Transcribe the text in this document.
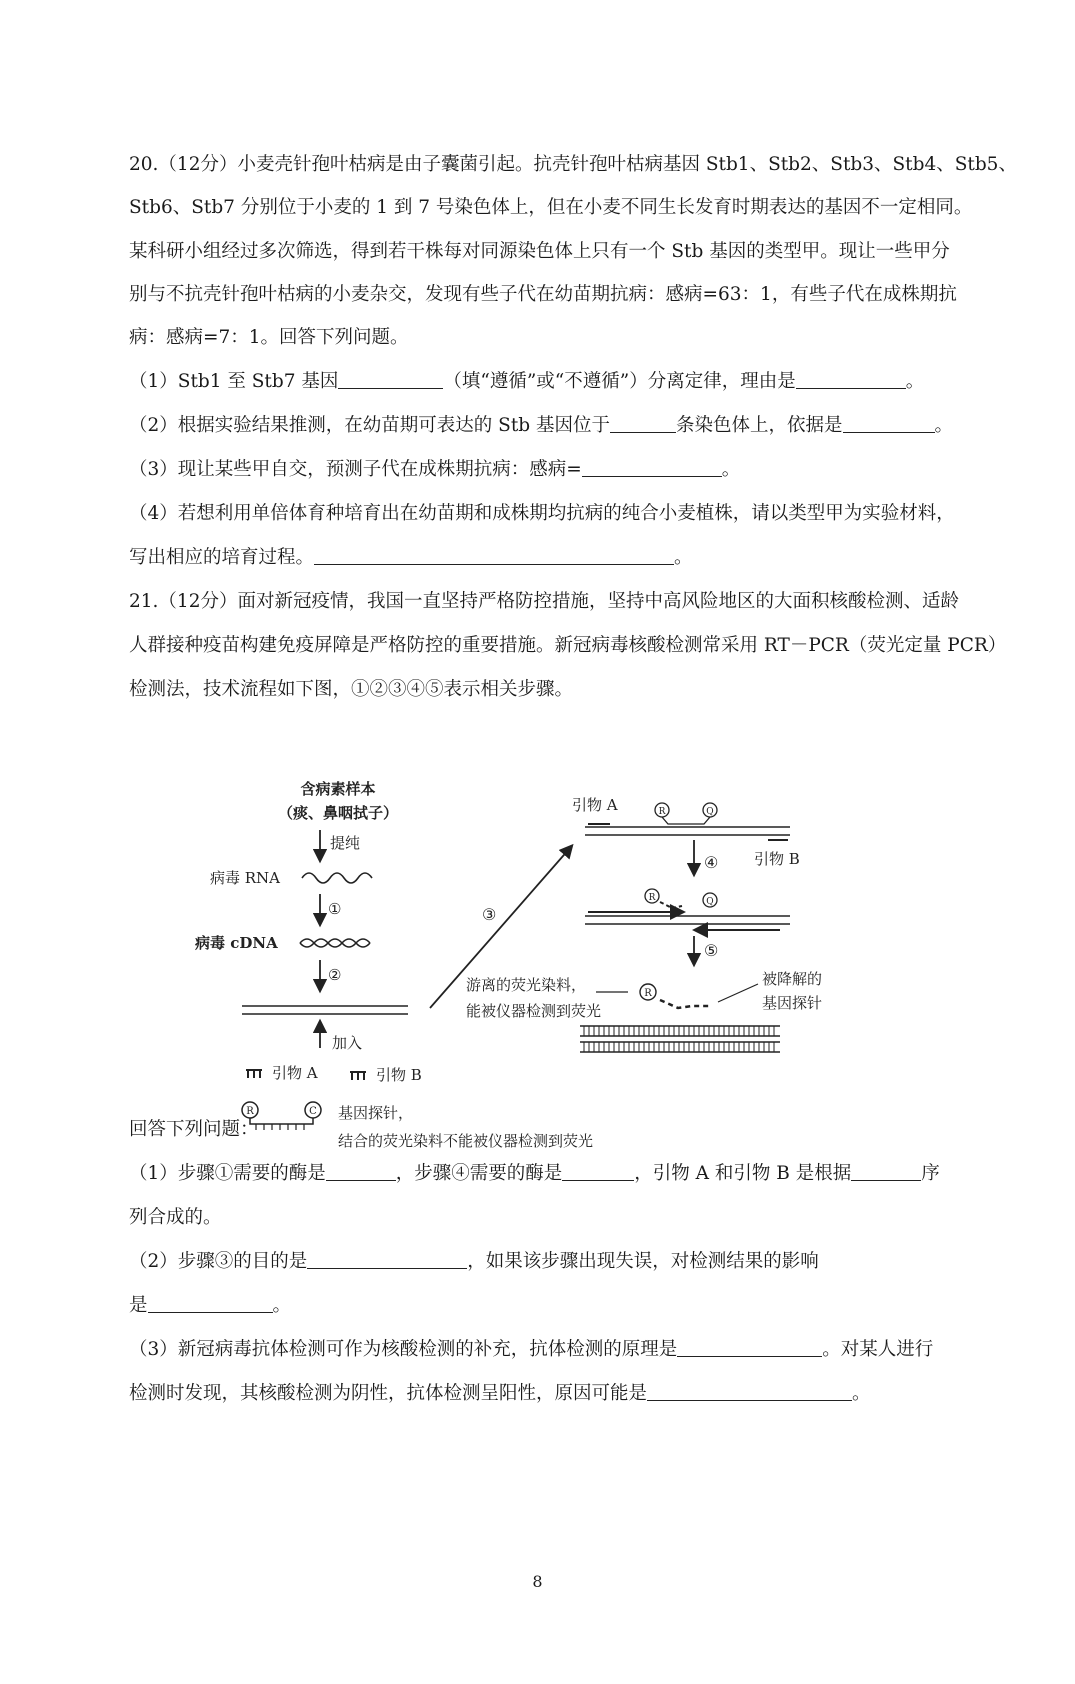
20.（12分）小麦壳针孢叶枯病是由子囊菌引起。抗壳针孢叶枯病基因 Stb1、Stb2、Stb3、Stb4、Stb5、
Stb6、Stb7 分别位于小麦的 1 到 7 号染色体上，但在小麦不同生长发育时期表达的基因不一定相同。
某科研小组经过多次筛选，得到若干株每对同源染色体上只有一个 Stb 基因的类型甲。现让一些甲分
别与不抗壳针孢叶枯病的小麦杂交，发现有些子代在幼苗期抗病：感病=63：1，有些子代在成株期抗
病：感病=7：1。回答下列问题。
（1）Stb1 至 Stb7 基因	（填“遵循”或“不遵循”）分离定律，理由是	。
（2）根据实验结果推测，在幼苗期可表达的 Stb 基因位于	条染色体上，依据是	。
（3）现让某些甲自交，预测子代在成株期抗病：感病=	。
（4）若想利用单倍体育种培育出在幼苗期和成株期均抗病的纯合小麦植株，请以类型甲为实验材料，
写出相应的培育过程。	。
21.（12分）面对新冠疫情，我国一直坚持严格防控措施，坚持中高风险地区的大面积核酸检测、适龄
人群接种疫苗构建免疫屏障是严格防控的重要措施。新冠病毒核酸检测常采用 RT－PCR（荧光定量 PCR）
检测法，技术流程如下图，①②③④⑤表示相关步骤。
含病素样本
（痰、鼻咽拭子）
提纯
病毒 RNA
①
病毒 cDNA
②
加入
引物 A	引物 B
R	C 基因探针，
结合的荧光染料不能被仪器检测到荧光
③
引物 A	R	Q
引物 B
④
R	Q
⑤
游离的荧光染料，
能被仪器检测到荧光
R
被降解的
基因探针
回答下列问题：
（1）步骤①需要的酶是	，步骤④需要的酶是	，引物 A 和引物 B 是根据	序
列合成的。
（2）步骤③的目的是	，如果该步骤出现失误，对检测结果的影响
是	。
（3）新冠病毒抗体检测可作为核酸检测的补充，抗体检测的原理是	。对某人进行
检测时发现，其核酸检测为阴性，抗体检测呈阳性，原因可能是	。
8
